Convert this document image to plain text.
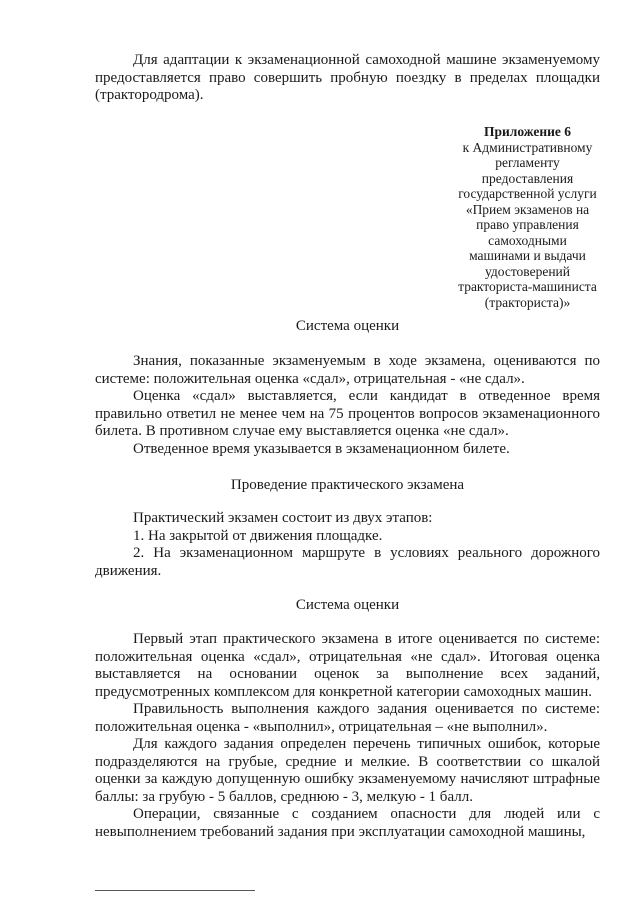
Для адаптации к экзаменационной самоходной машине экзаменуемому предоставляется право совершить пробную поездку в пределах площадки (трактородрома).

Приложение 6
к Административному
регламенту
предоставления
государственной услуги
«Прием экзаменов на
право управления
самоходными
машинами и выдачи
удостоверений
тракториста-машиниста
(тракториста)»
Система оценки

Знания, показанные экзаменуемым в ходе экзамена, оцениваются по системе: положительная оценка «сдал», отрицательная - «не сдал».

Оценка «сдал» выставляется, если кандидат в отведенное время правильно ответил не менее чем на 75 процентов вопросов экзаменационного билета. В противном случае ему выставляется оценка «не сдал».

Отведенное время указывается в экзаменационном билете.

Проведение практического экзамена

Практический экзамен состоит из двух этапов:

1. На закрытой от движения площадке.

2. На экзаменационном маршруте в условиях реального дорожного движения.

Система оценки

Первый этап практического экзамена в итоге оценивается по системе: положительная оценка «сдал», отрицательная «не сдал». Итоговая оценка выставляется на основании оценок за выполнение всех заданий, предусмотренных комплексом для конкретной категории самоходных машин.

Правильность выполнения каждого задания оценивается по системе: положительная оценка - «выполнил», отрицательная – «не выполнил».

Для каждого задания определен перечень типичных ошибок, которые подразделяются на грубые, средние и мелкие. В соответствии со шкалой оценки за каждую допущенную ошибку экзаменуемому начисляют штрафные баллы: за грубую - 5 баллов, среднюю - 3, мелкую - 1 балл.

Операции, связанные с созданием опасности для людей или с невыполнением требований задания при эксплуатации самоходной машины,
